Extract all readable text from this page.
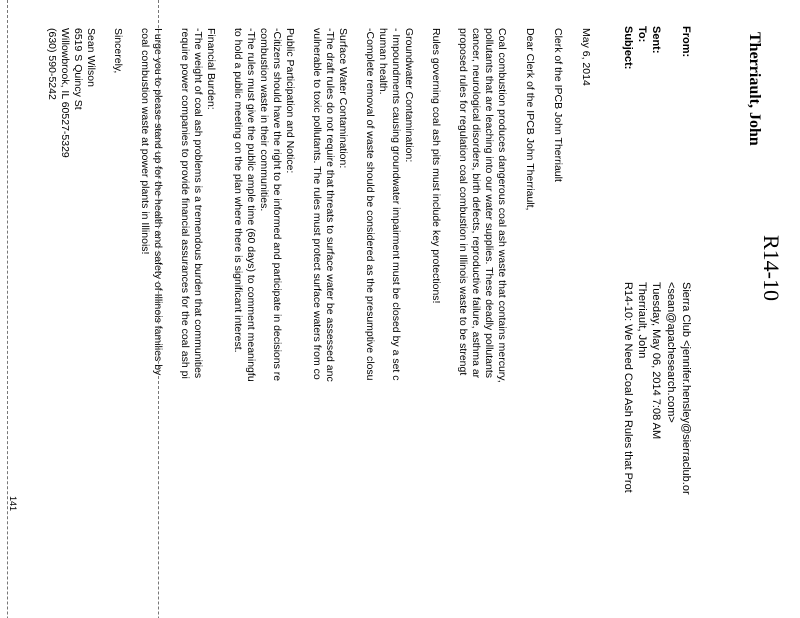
R14-10
Therriault, John
From:
Sierra Club <jennifer.hensley@sierraclub.or
<sean@apachesearch.com>
Sent:
Tuesday, May 06, 2014 7:08 AM
To:
Therriault, John
Subject:
R14-10: We Need Coal Ash Rules that Prot
May 6, 2014
Clerk of the IPCB John Therriault
Dear Clerk of the IPCB John Therriault,
Coal combustion produces dangerous coal ash waste that contains mercury,
pollutants that are leaching into our water supplies. These deadly pollutants
cancer, neurological disorders, birth defects, reproductive failure, asthma ar
proposed rules for regulation coal combustion in Illinois waste to be strengt
Rules governing coal ash pits must include key protections!
Groundwater Contamination:
- Impoundments causing groundwater impairment must be closed by a set c
human health.
-Complete removal of waste should be considered as the presumptive closu
Surface Water Contamination:
-The draft rules do not require that threats to surface water be assessed anc
vulnerable to toxic pollutants. The rules must protect surface waters from co
Public Participation and Notice:
-Citizens should have the right to be informed and participate in decisions re
combustion waste in their communities.
-The rules must give the public ample time (60 days) to comment meaningfu
to hold a public meeting on the plan where there is significant interest.
Financial Burden:
-The weight of coal ash problems is a tremendous burden that communities
require power companies to provide financial assurances for the coal ash pi
I urge you to please stand up for the health and safety of Illinois families by
coal combustion waste at power plants in Illinois!
Sincerely,
Sean Wilson
6519 S Quincy St
Willowbrook, IL 60527-5329
(630) 590-5242
141
